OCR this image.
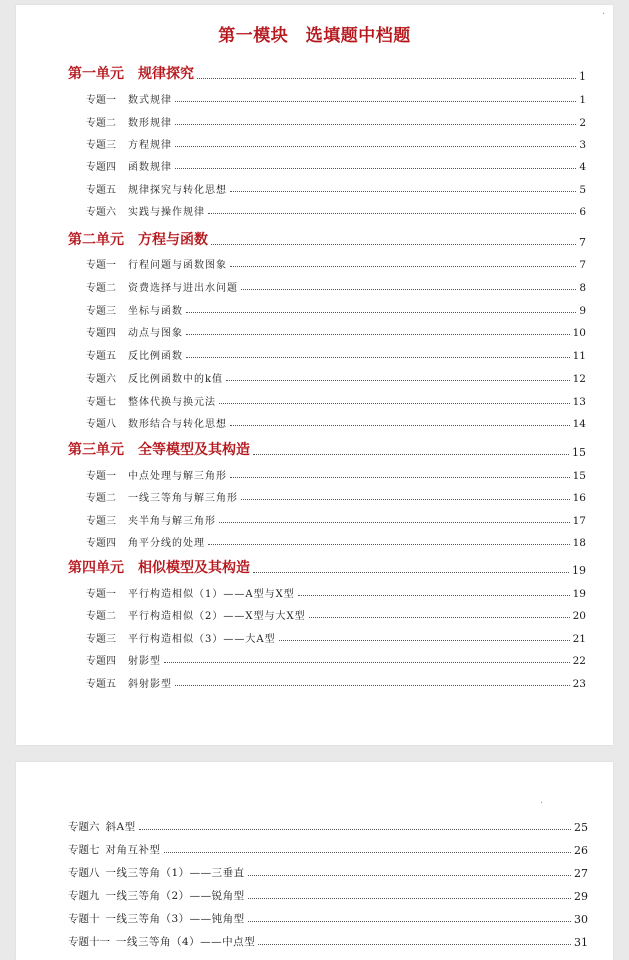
第一模块　选填题中档题
·
第一单元　规律探究	1
专题一 数式规律	1
专题二 数形规律	2
专题三 方程规律	3
专题四 函数规律	4
专题五 规律探究与转化思想	5
专题六 实践与操作规律	6
第二单元　方程与函数	7
专题一 行程问题与函数图象	7
专题二 资费选择与进出水问题	8
专题三 坐标与函数	9
专题四 动点与图象	10
专题五 反比例函数	11
专题六 反比例函数中的k值	12
专题七 整体代换与换元法	13
专题八 数形结合与转化思想	14
第三单元　全等模型及其构造	15
专题一 中点处理与解三角形	15
专题二 一线三等角与解三角形	16
专题三 夹半角与解三角形	17
专题四 角平分线的处理	18
第四单元　相似模型及其构造	19
专题一 平行构造相似（1）——A型与X型	19
专题二 平行构造相似（2）——X型与大X型	20
专题三 平行构造相似（3）——大A型	21
专题四 射影型	22
专题五 斜射影型	23
·
专题六 斜A型	25
专题七 对角互补型	26
专题八 一线三等角（1）——三垂直	27
专题九 一线三等角（2）——锐角型	29
专题十 一线三等角（3）——钝角型	30
专题十一 一线三等角（4）——中点型	31
